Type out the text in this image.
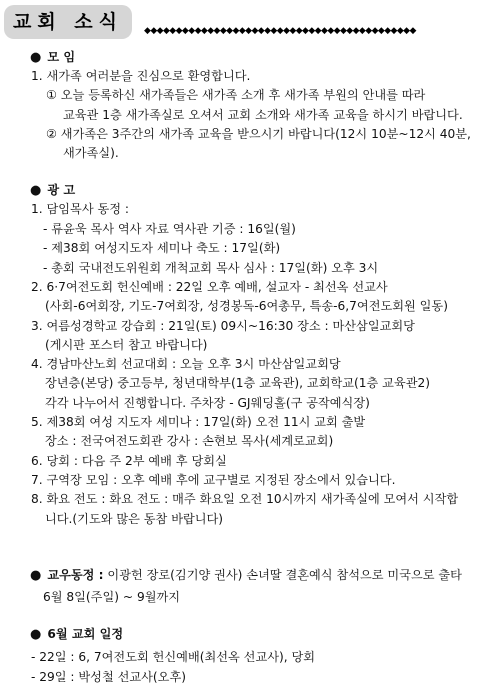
교회 소식 ◆◆◆◆◆◆◆◆◆◆◆◆◆◆◆◆◆◆◆◆◆◆◆◆◆◆◆◆◆◆◆◆◆◆◆◆◆◆◆◆◆◆◆
● 모 임
1. 새가족 여러분을 진심으로 환영합니다.
① 오늘 등록하신 새가족들은 새가족 소개 후 새가족 부원의 안내를 따라
교육관 1층 새가족실로 오셔서 교회 소개와 새가족 교육을 하시기 바랍니다.
② 새가족은 3주간의 새가족 교육을 받으시기 바랍니다(12시 10분~12시 40분,
새가족실).
● 광 고
1. 담임목사 동정 :
- 류윤욱 목사 역사 자료 역사관 기증 : 16일(월)
- 제38회 여성지도자 세미나 축도 : 17일(화)
- 총회 국내전도위원회 개척교회 목사 심사 : 17일(화) 오후 3시
2. 6·7여전도회 헌신예배 : 22일 오후 예배, 설교자 - 최선옥 선교사
(사회-6여회장, 기도-7여회장, 성경봉독-6여총무, 특송-6,7여전도회원 일동)
3. 여름성경학교 강습회 : 21일(토) 09시~16:30 장소 : 마산삼일교회당
(게시판 포스터 참고 바랍니다)
4. 경남마산노회 선교대회 : 오늘 오후 3시 마산삼일교회당
장년층(본당) 중고등부, 청년대학부(1층 교육관), 교회학교(1층 교육관2)
각각 나누어서 진행합니다. 주차장 - GJ웨딩홀(구 공작예식장)
5. 제38회 여성 지도자 세미나 : 17일(화) 오전 11시 교회 출발
장소 : 전국여전도회관 강사 : 손현보 목사(세계로교회)
6. 당회 : 다음 주 2부 예배 후 당회실
7. 구역장 모임 : 오후 예배 후에 교구별로 지정된 장소에서 있습니다.
8. 화요 전도 : 화요 전도 : 매주 화요일 오전 10시까지 새가족실에 모여서 시작합
니다.(기도와 많은 동참 바랍니다)
● 교우동정 : 이광헌 장로(김기양 권사) 손녀딸 결혼예식 참석으로 미국으로 출타
6월 8일(주일) ~ 9월까지
● 6월 교회 일정
- 22일 : 6, 7여전도회 헌신예배(최선옥 선교사), 당회
- 29일 : 박성철 선교사(오후)
